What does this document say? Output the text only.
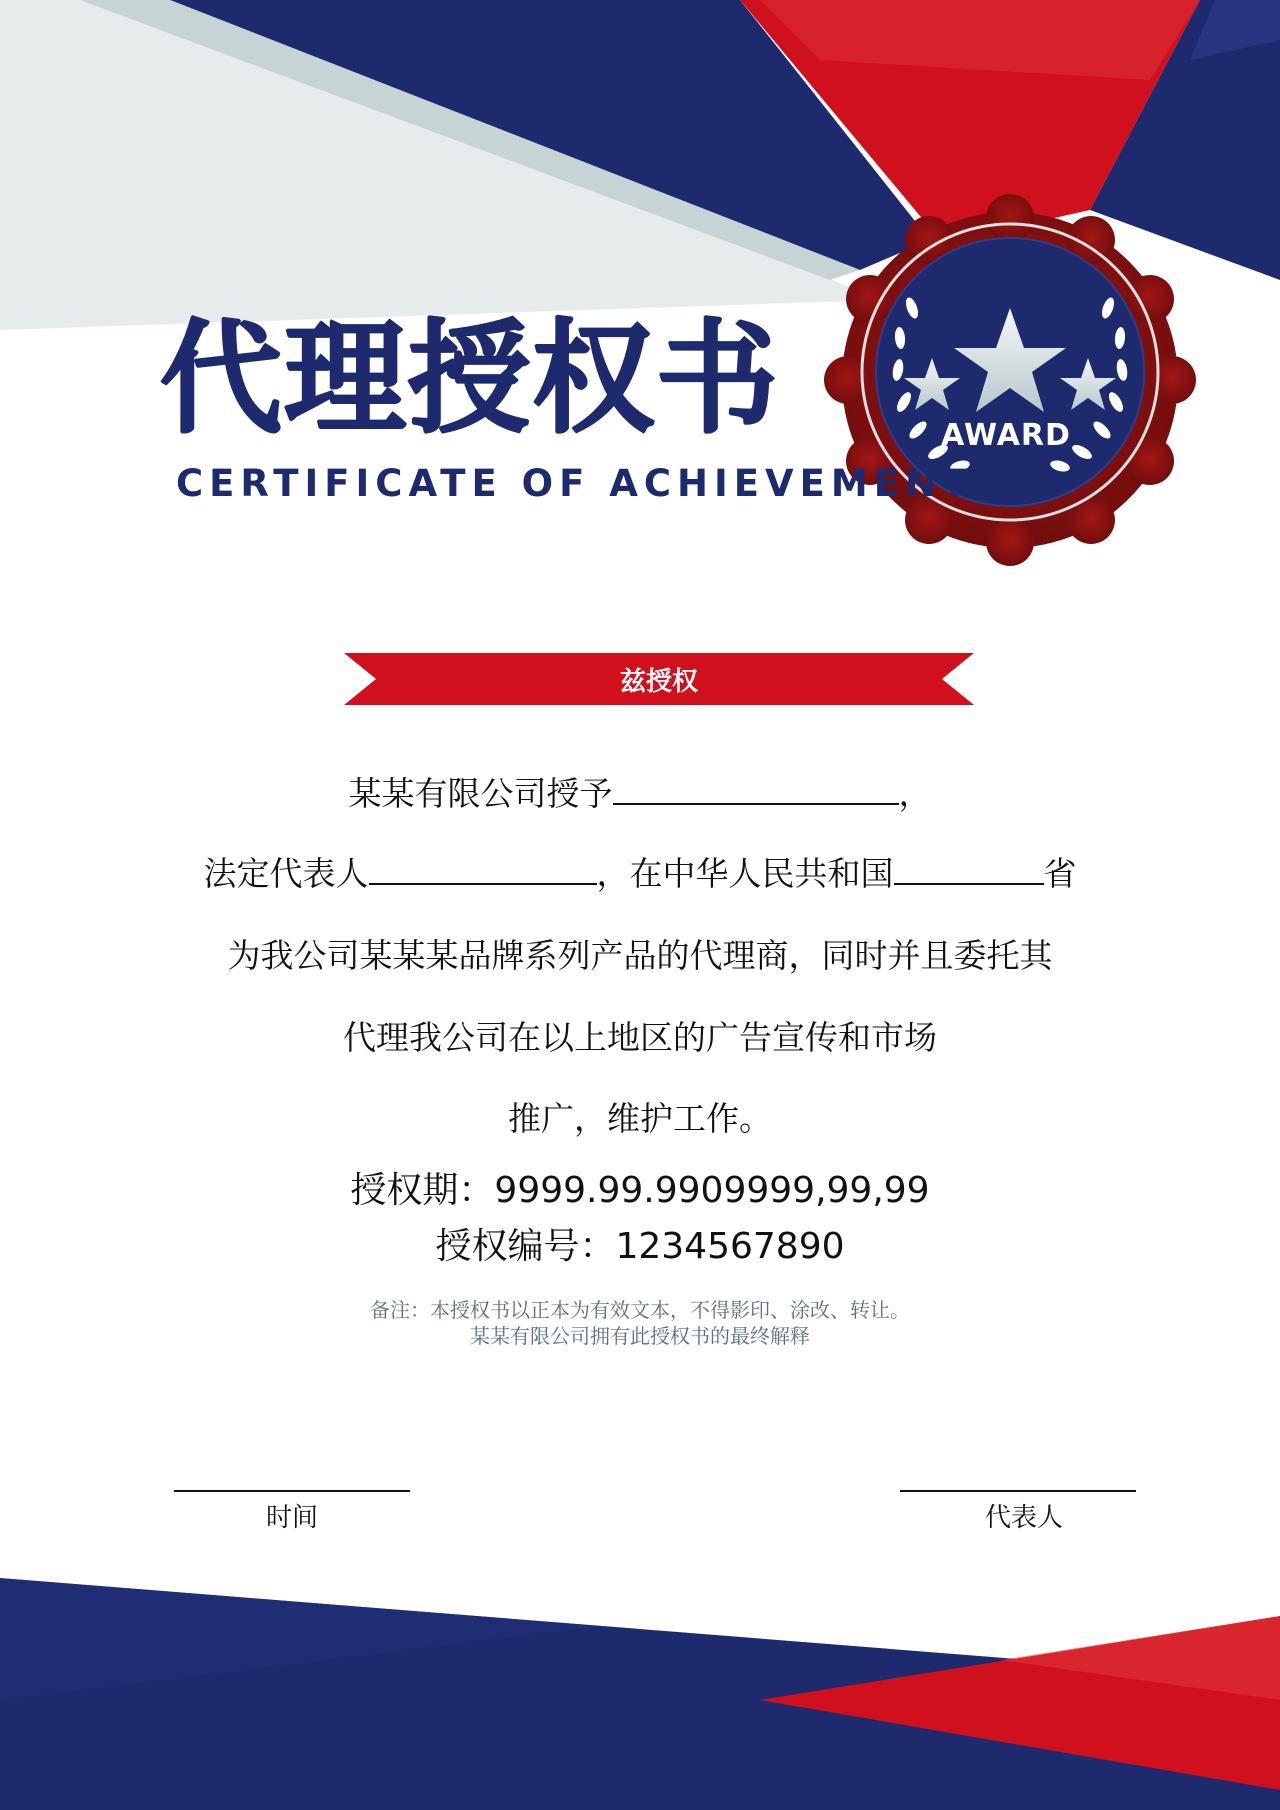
AWARD
代理授权书
CERTIFICATE OF ACHIEVEMENT
兹授权
某某有限公司授予	，
法定代表人	，在中华人民共和国	省
为我公司某某某品牌系列产品的代理商，同时并且委托其
代理我公司在以上地区的广告宣传和市场
推广，维护工作。
授权期：9999.99.9909999,99,99
授权编号：1234567890
备注：本授权书以正本为有效文本，不得影印、涂改、转让。
某某有限公司拥有此授权书的最终解释
时间	代表人
